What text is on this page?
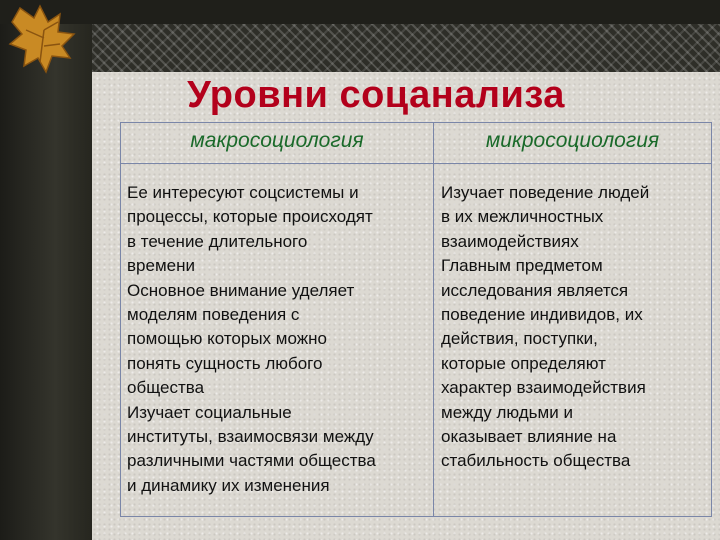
Уровни соцанализа
макросоциология	микросоциология
Ее интересуют соцсистемы и
процессы, которые происходят
в течение длительного
времени
Основное внимание уделяет
моделям поведения с
помощью которых можно
понять сущность любого
общества
Изучает социальные
институты, взаимосвязи между
различными частями общества
и динамику их изменения
Изучает поведение людей
в их межличностных
взаимодействиях
Главным предметом
исследования является
поведение индивидов, их
действия, поступки,
которые определяют
характер взаимодействия
между людьми и
оказывает влияние на
стабильность общества
